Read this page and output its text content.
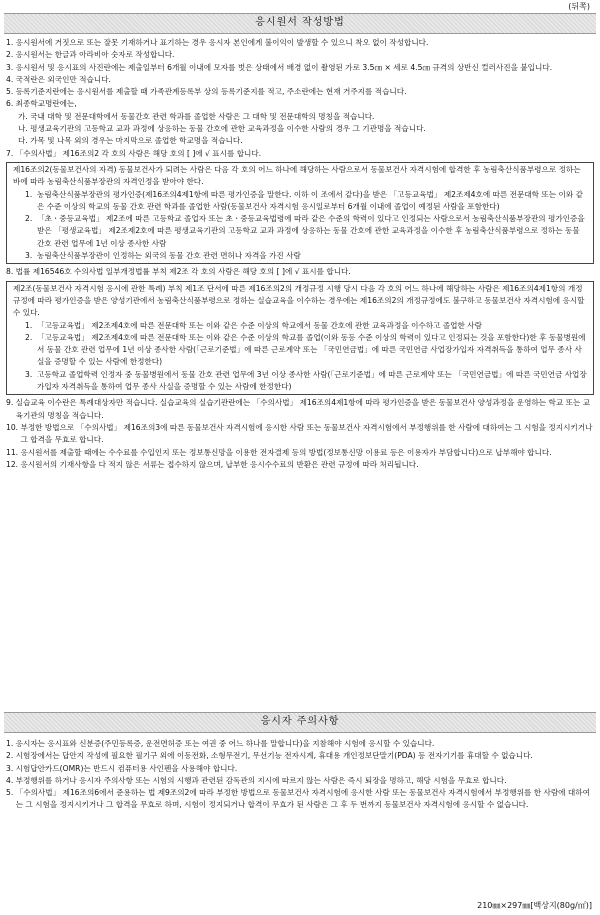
(뒤쪽)
응시원서 작성방법
1. 응시원서에 거짓으로 또는 잘못 기재하거나 표기하는 경우 응시자 본인에게 불이익이 발생할 수 있으니 착오 없이 작성합니다.
2. 응시원서는 한글과 아라비아 숫자로 작성합니다.
3. 응시원서 및 응시표의 사진란에는 제출일부터 6개월 이내에 모자를 벗은 상태에서 배경 없이 촬영된 가로 3.5㎝ × 세로 4.5㎝ 규격의 상반신 컬러사진을 붙입니다.
4. 국적란은 외국인만 적습니다.
5. 등록기준지란에는 응시원서를 제출할 때 가족관계등록부 상의 등록기준지를 적고, 주소란에는 현재 거주지를 적습니다.
6. 최종학교명란에는,
가. 국내 대학 및 전문대학에서 동물간호 관련 학과를 졸업한 사람은 그 대학 및 전문대학의 명칭을 적습니다.
나. 평생교육기관의 고등학교 교과 과정에 상응하는 동물 간호에 관한 교육과정을 이수한 사람의 경우 그 기관명을 적습니다.
다. 가목 및 나목 외의 경우는 마지막으로 졸업한 학교명을 적습니다.
7. 「수의사법」 제16조의2 각 호의 사람은 해당 호의 [ ]에 √ 표시를 합니다.
제16조의2(동물보건사의 자격) 동물보건사가 되려는 사람은 다음 각 호의 어느 하나에 해당하는 사람으로서 동물보건사 자격시험에 합격한 후 농림축산식품부령으로 정하는 바에 따라 농림축산식품부장관의 자격인정을 받아야 한다.
1. 농림축산식품부장관의 평가인증(제16조의4제1항에 따른 평가인증을 말한다. 이하 이 조에서 같다)을 받은 「고등교육법」 제2조제4호에 따른 전문대학 또는 이와 같은 수준 이상의 학교의 동물 간호 관련 학과를 졸업한 사람(동물보건사 자격시험 응시일로부터 6개월 이내에 졸업이 예정된 사람을 포함한다)
2. 「초ㆍ중등교육법」 제2조에 따른 고등학교 졸업자 또는 초ㆍ중등교육법령에 따라 같은 수준의 학력이 있다고 인정되는 사람으로서 농림축산식품부장관의 평가인증을 받은 「평생교육법」 제2조제2호에 따른 평생교육기관의 고등학교 교과 과정에 상응하는 동물 간호에 관한 교육과정을 이수한 후 농림축산식품부령으로 정하는 동물 간호 관련 업무에 1년 이상 종사한 사람
3. 농림축산식품부장관이 인정하는 외국의 동물 간호 관련 면허나 자격을 가진 사람
8. 법률 제16546호 수의사법 일부개정법률 부칙 제2조 각 호의 사람은 해당 호의 [ ]에 √ 표시를 합니다.
제2조(동물보건사 자격시험 응시에 관한 특례) 부칙 제1조 단서에 따른 제16조의2의 개정규정 시행 당시 다음 각 호의 어느 하나에 해당하는 사람은 제16조의4제1항의 개정규정에 따라 평가인증을 받은 양성기관에서 농림축산식품부령으로 정하는 실습교육을 이수하는 경우에는 제16조의2의 개정규정에도 불구하고 동물보건사 자격시험에 응시할 수 있다.
1. 「고등교육법」 제2조제4호에 따른 전문대학 또는 이와 같은 수준 이상의 학교에서 동물 간호에 관한 교육과정을 이수하고 졸업한 사람
2. 「고등교육법」 제2조제4호에 따른 전문대학 또는 이와 같은 수준 이상의 학교를 졸업(이와 동등 수준 이상의 학력이 있다고 인정되는 것을 포함한다)한 후 동물병원에서 동물 간호 관련 업무에 1년 이상 종사한 사람(「근로기준법」에 따른 근로계약 또는 「국민연금법」에 따른 국민연금 사업장가입자 자격취득을 통하여 업무 종사 사실을 증명할 수 있는 사람에 한정한다)
3. 고등학교 졸업학력 인정자 중 동물병원에서 동물 간호 관련 업무에 3년 이상 종사한 사람(「근로기준법」에 따른 근로계약 또는 「국민연금법」에 따른 국민연금 사업장가입자 자격취득을 통하여 업무 종사 사실을 증명할 수 있는 사람에 한정한다)
9. 실습교육 이수란은 특례대상자만 적습니다. 실습교육의 실습기관란에는 「수의사법」 제16조의4제1항에 따라 평가인증을 받은 동물보건사 양성과정을 운영하는 학교 또는 교육기관의 명칭을 적습니다.
10. 부정한 방법으로 「수의사법」 제16조의3에 따른 동물보건사 자격시험에 응시한 사람 또는 동물보건사 자격시험에서 부정행위를 한 사람에 대하여는 그 시험을 정지시키거나 그 합격을 무효로 합니다.
11. 응시원서를 제출할 때에는 수수료를 수입인지 또는 정보통신망을 이용한 전자결제 등의 방법(정보통신망 이용료 등은 이용자가 부담합니다)으로 납부해야 합니다.
12. 응시원서의 기재사항을 다 적지 않은 서류는 접수하지 않으며, 납부한 응시수수료의 반환은 관련 규정에 따라 처리됩니다.
응시자 주의사항
1. 응시자는 응시표와 신분증(주민등록증, 운전면허증 또는 여권 중 어느 하나를 말합니다)을 지참해야 시험에 응시할 수 있습니다.
2. 시험장에서는 답안지 작성에 필요한 필기구 외에 이동전화, 소형무전기, 무선기능 전자시계, 휴대용 개인정보단말기(PDA) 등 전자기기를 휴대할 수 없습니다.
3. 시험답안카드(OMR)는 반드시 컴퓨터용 사인펜을 사용해야 합니다.
4. 부정행위를 하거나 응시자 주의사항 또는 시험의 시행과 관련된 감독관의 지시에 따르지 않는 사람은 즉시 퇴장을 명하고, 해당 시험을 무효로 합니다.
5. 「수의사법」 제16조의6에서 준용하는 법 제9조의2에 따라 부정한 방법으로 동물보건사 자격시험에 응시한 사람 또는 동물보건사 자격시험에서 부정행위를 한 사람에 대하여는 그 시험을 정지시키거나 그 합격을 무효로 하며, 시험이 정지되거나 합격이 무효가 된 사람은 그 후 두 번까지 동물보건사 자격시험에 응시할 수 없습니다.
210㎜×297㎜[백상지(80g/㎡)]
